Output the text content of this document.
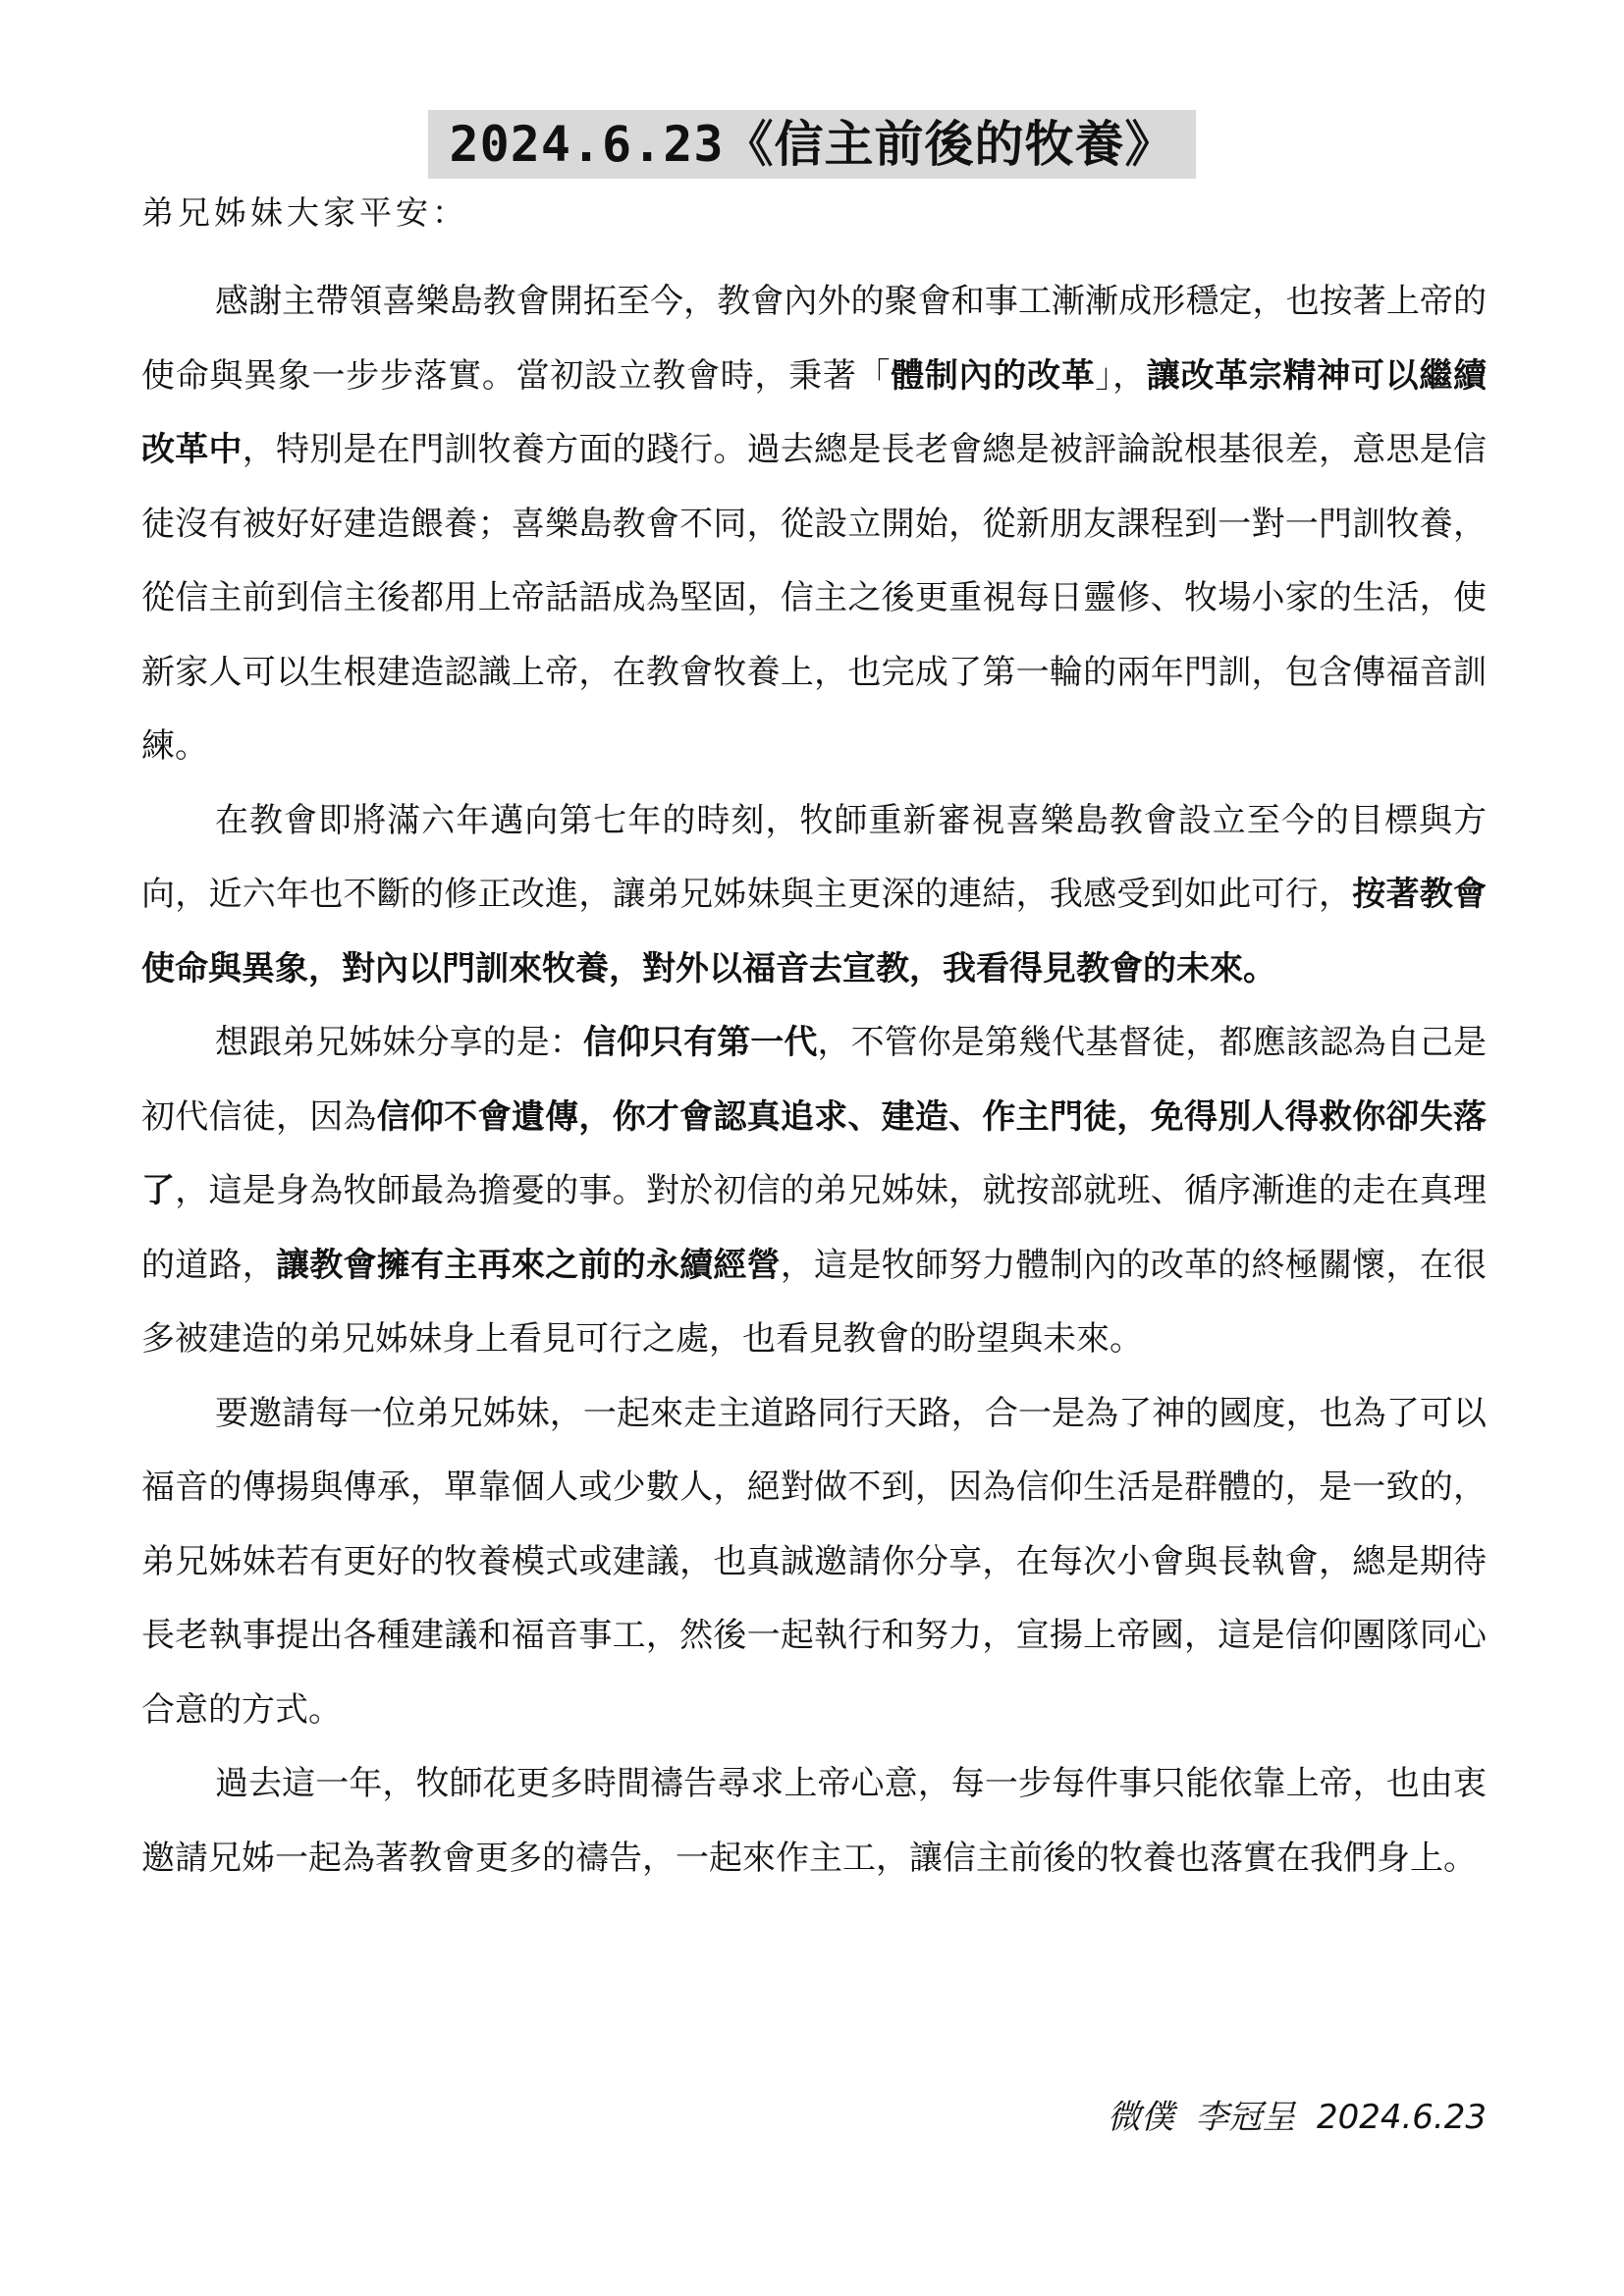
2024.6.23《信主前後的牧養》
弟兄姊妹大家平安：

感謝主帶領喜樂島教會開拓至今，教會內外的聚會和事工漸漸成形穩定，也按著上帝的使命與異象一步步落實。當初設立教會時，秉著「體制內的改革」，讓改革宗精神可以繼續改革中，特別是在門訓牧養方面的踐行。過去總是長老會總是被評論說根基很差，意思是信徒沒有被好好建造餵養；喜樂島教會不同，從設立開始，從新朋友課程到一對一門訓牧養，從信主前到信主後都用上帝話語成為堅固，信主之後更重視每日靈修、牧場小家的生活，使新家人可以生根建造認識上帝，在教會牧養上，也完成了第一輪的兩年門訓，包含傳福音訓練。

在教會即將滿六年邁向第七年的時刻，牧師重新審視喜樂島教會設立至今的目標與方向，近六年也不斷的修正改進，讓弟兄姊妹與主更深的連結，我感受到如此可行，按著教會使命與異象，對內以門訓來牧養，對外以福音去宣教，我看得見教會的未來。

想跟弟兄姊妹分享的是：信仰只有第一代，不管你是第幾代基督徒，都應該認為自己是初代信徒，因為信仰不會遺傳，你才會認真追求、建造、作主門徒，免得別人得救你卻失落了，這是身為牧師最為擔憂的事。對於初信的弟兄姊妹，就按部就班、循序漸進的走在真理的道路，讓教會擁有主再來之前的永續經營，這是牧師努力體制內的改革的終極關懷，在很多被建造的弟兄姊妹身上看見可行之處，也看見教會的盼望與未來。

要邀請每一位弟兄姊妹，一起來走主道路同行天路，合一是為了神的國度，也為了可以福音的傳揚與傳承，單靠個人或少數人，絕對做不到，因為信仰生活是群體的，是一致的，弟兄姊妹若有更好的牧養模式或建議，也真誠邀請你分享，在每次小會與長執會，總是期待長老執事提出各種建議和福音事工，然後一起執行和努力，宣揚上帝國，這是信仰團隊同心合意的方式。

過去這一年，牧師花更多時間禱告尋求上帝心意，每一步每件事只能依靠上帝，也由衷邀請兄姊一起為著教會更多的禱告，一起來作主工，讓信主前後的牧養也落實在我們身上。

微僕  李冠呈  2024.6.23
